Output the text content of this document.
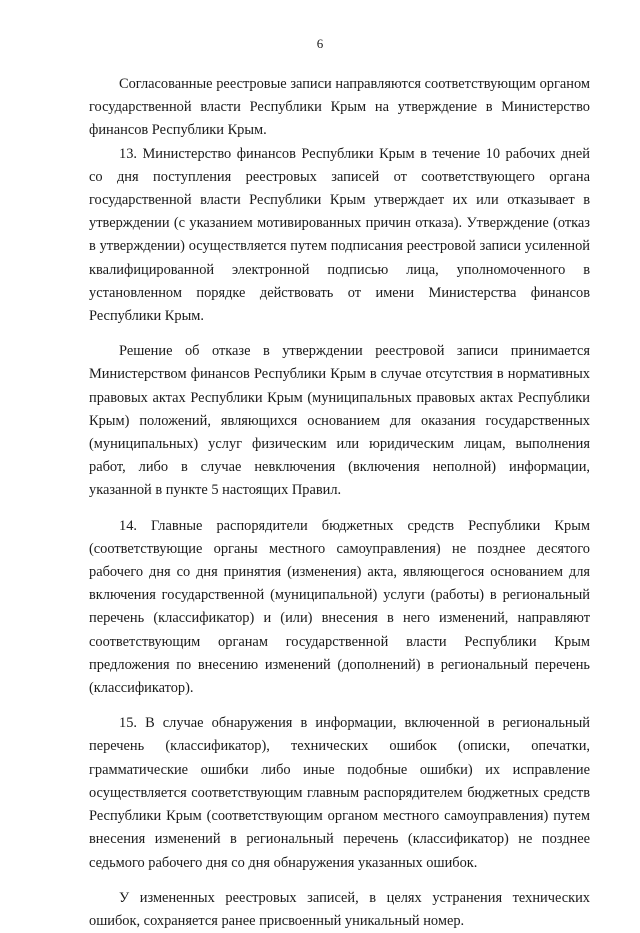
6

Согласованные реестровые записи направляются соответствующим органом государственной власти Республики Крым на утверждение в Министерство финансов Республики Крым.

13. Министерство финансов Республики Крым в течение 10 рабочих дней со дня поступления реестровых записей от соответствующего органа государственной власти Республики Крым утверждает их или отказывает в утверждении (с указанием мотивированных причин отказа). Утверждение (отказ в утверждении) осуществляется путем подписания реестровой записи усиленной квалифицированной электронной подписью лица, уполномоченного в установленном порядке действовать от имени Министерства финансов Республики Крым.

Решение об отказе в утверждении реестровой записи принимается Министерством финансов Республики Крым в случае отсутствия в нормативных правовых актах Республики Крым (муниципальных правовых актах Республики Крым) положений, являющихся основанием для оказания государственных (муниципальных) услуг физическим или юридическим лицам, выполнения работ, либо в случае невключения (включения неполной) информации, указанной в пункте 5 настоящих Правил.

14. Главные распорядители бюджетных средств Республики Крым (соответствующие органы местного самоуправления) не позднее десятого рабочего дня со дня принятия (изменения) акта, являющегося основанием для включения государственной (муниципальной) услуги (работы) в региональный перечень (классификатор) и (или) внесения в него изменений, направляют соответствующим органам государственной власти Республики Крым предложения по внесению изменений (дополнений) в региональный перечень (классификатор).

15. В случае обнаружения в информации, включенной в региональный перечень (классификатор), технических ошибок (описки, опечатки, грамматические ошибки либо иные подобные ошибки) их исправление осуществляется соответствующим главным распорядителем бюджетных средств Республики Крым (соответствующим органом местного самоуправления) путем внесения изменений в региональный перечень (классификатор) не позднее седьмого рабочего дня со дня обнаружения указанных ошибок.

У измененных реестровых записей, в целях устранения технических ошибок, сохраняется ранее присвоенный уникальный номер.
